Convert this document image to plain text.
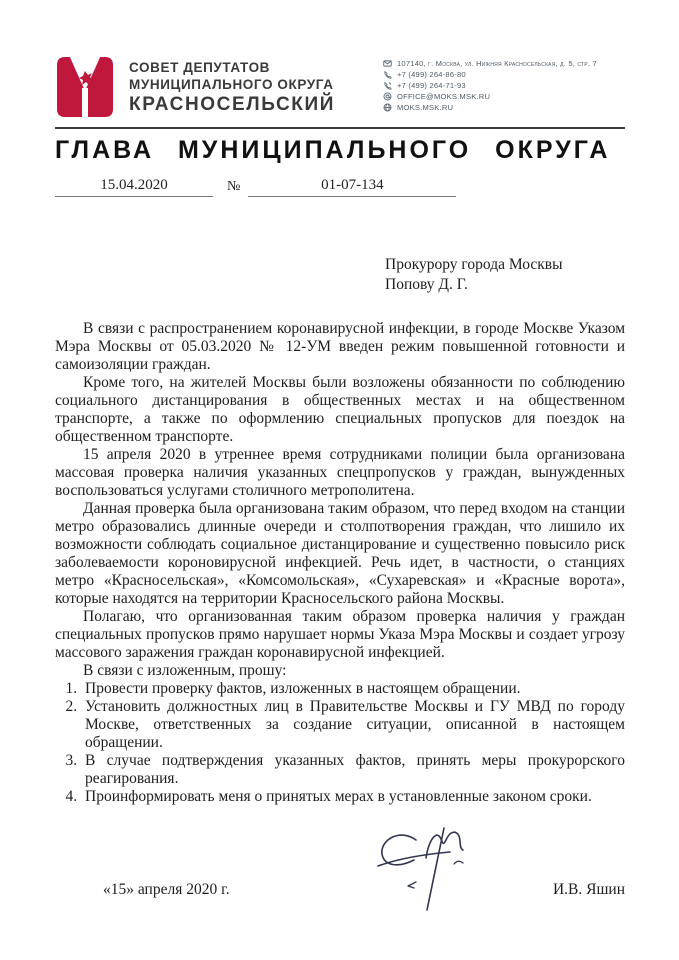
СОВЕТ ДЕПУТАТОВ
МУНИЦИПАЛЬНОГО ОКРУГА
КРАСНОСЕЛЬСКИЙ
107140, г. Москва, ул. Нижняя Красносельская, д. 5, стр. 7
+7 (499) 264-86-80
+7 (499) 264-71-93
OFFICE@MOKS.MSK.RU
MOKS.MSK.RU
ГЛАВА МУНИЦИПАЛЬНОГО ОКРУГА
15.04.2020	№	01-07-134
Прокурору города Москвы
Попову Д. Г.

В связи с распространением коронавирусной инфекции, в городе Москве Указом Мэра Москвы от 05.03.2020 № 12-УМ введен режим повышенной готовности и самоизоляции граждан.

Кроме того, на жителей Москвы были возложены обязанности по соблюдению социального дистанцирования в общественных местах и на общественном транспорте, а также по оформлению специальных пропусков для поездок на общественном транспорте.

15 апреля 2020 в утреннее время сотрудниками полиции была организована массовая проверка наличия указанных спецпропусков у граждан, вынужденных воспользоваться услугами столичного метрополитена.

Данная проверка была организована таким образом, что перед входом на станции метро образовались длинные очереди и столпотворения граждан, что лишило их возможности соблюдать социальное дистанцирование и существенно повысило риск заболеваемости короновирусной инфекцией. Речь идет, в частности, о станциях метро «Красносельская», «Комсомольская», «Сухаревская» и «Красные ворота», которые находятся на территории Красносельского района Москвы.

Полагаю, что организованная таким образом проверка наличия у граждан специальных пропусков прямо нарушает нормы Указа Мэра Москвы и создает угрозу массового заражения граждан коронавирусной инфекцией.

В связи с изложенным, прошу:

1. Провести проверку фактов, изложенных в настоящем обращении.
2. Установить должностных лиц в Правительстве Москвы и ГУ МВД по городу Москве, ответственных за создание ситуации, описанной в настоящем обращении.
3. В случае подтверждения указанных фактов, принять меры прокурорского реагирования.
4. Проинформировать меня о принятых мерах в установленные законом сроки.
«15» апреля 2020 г.	И.В. Яшин
